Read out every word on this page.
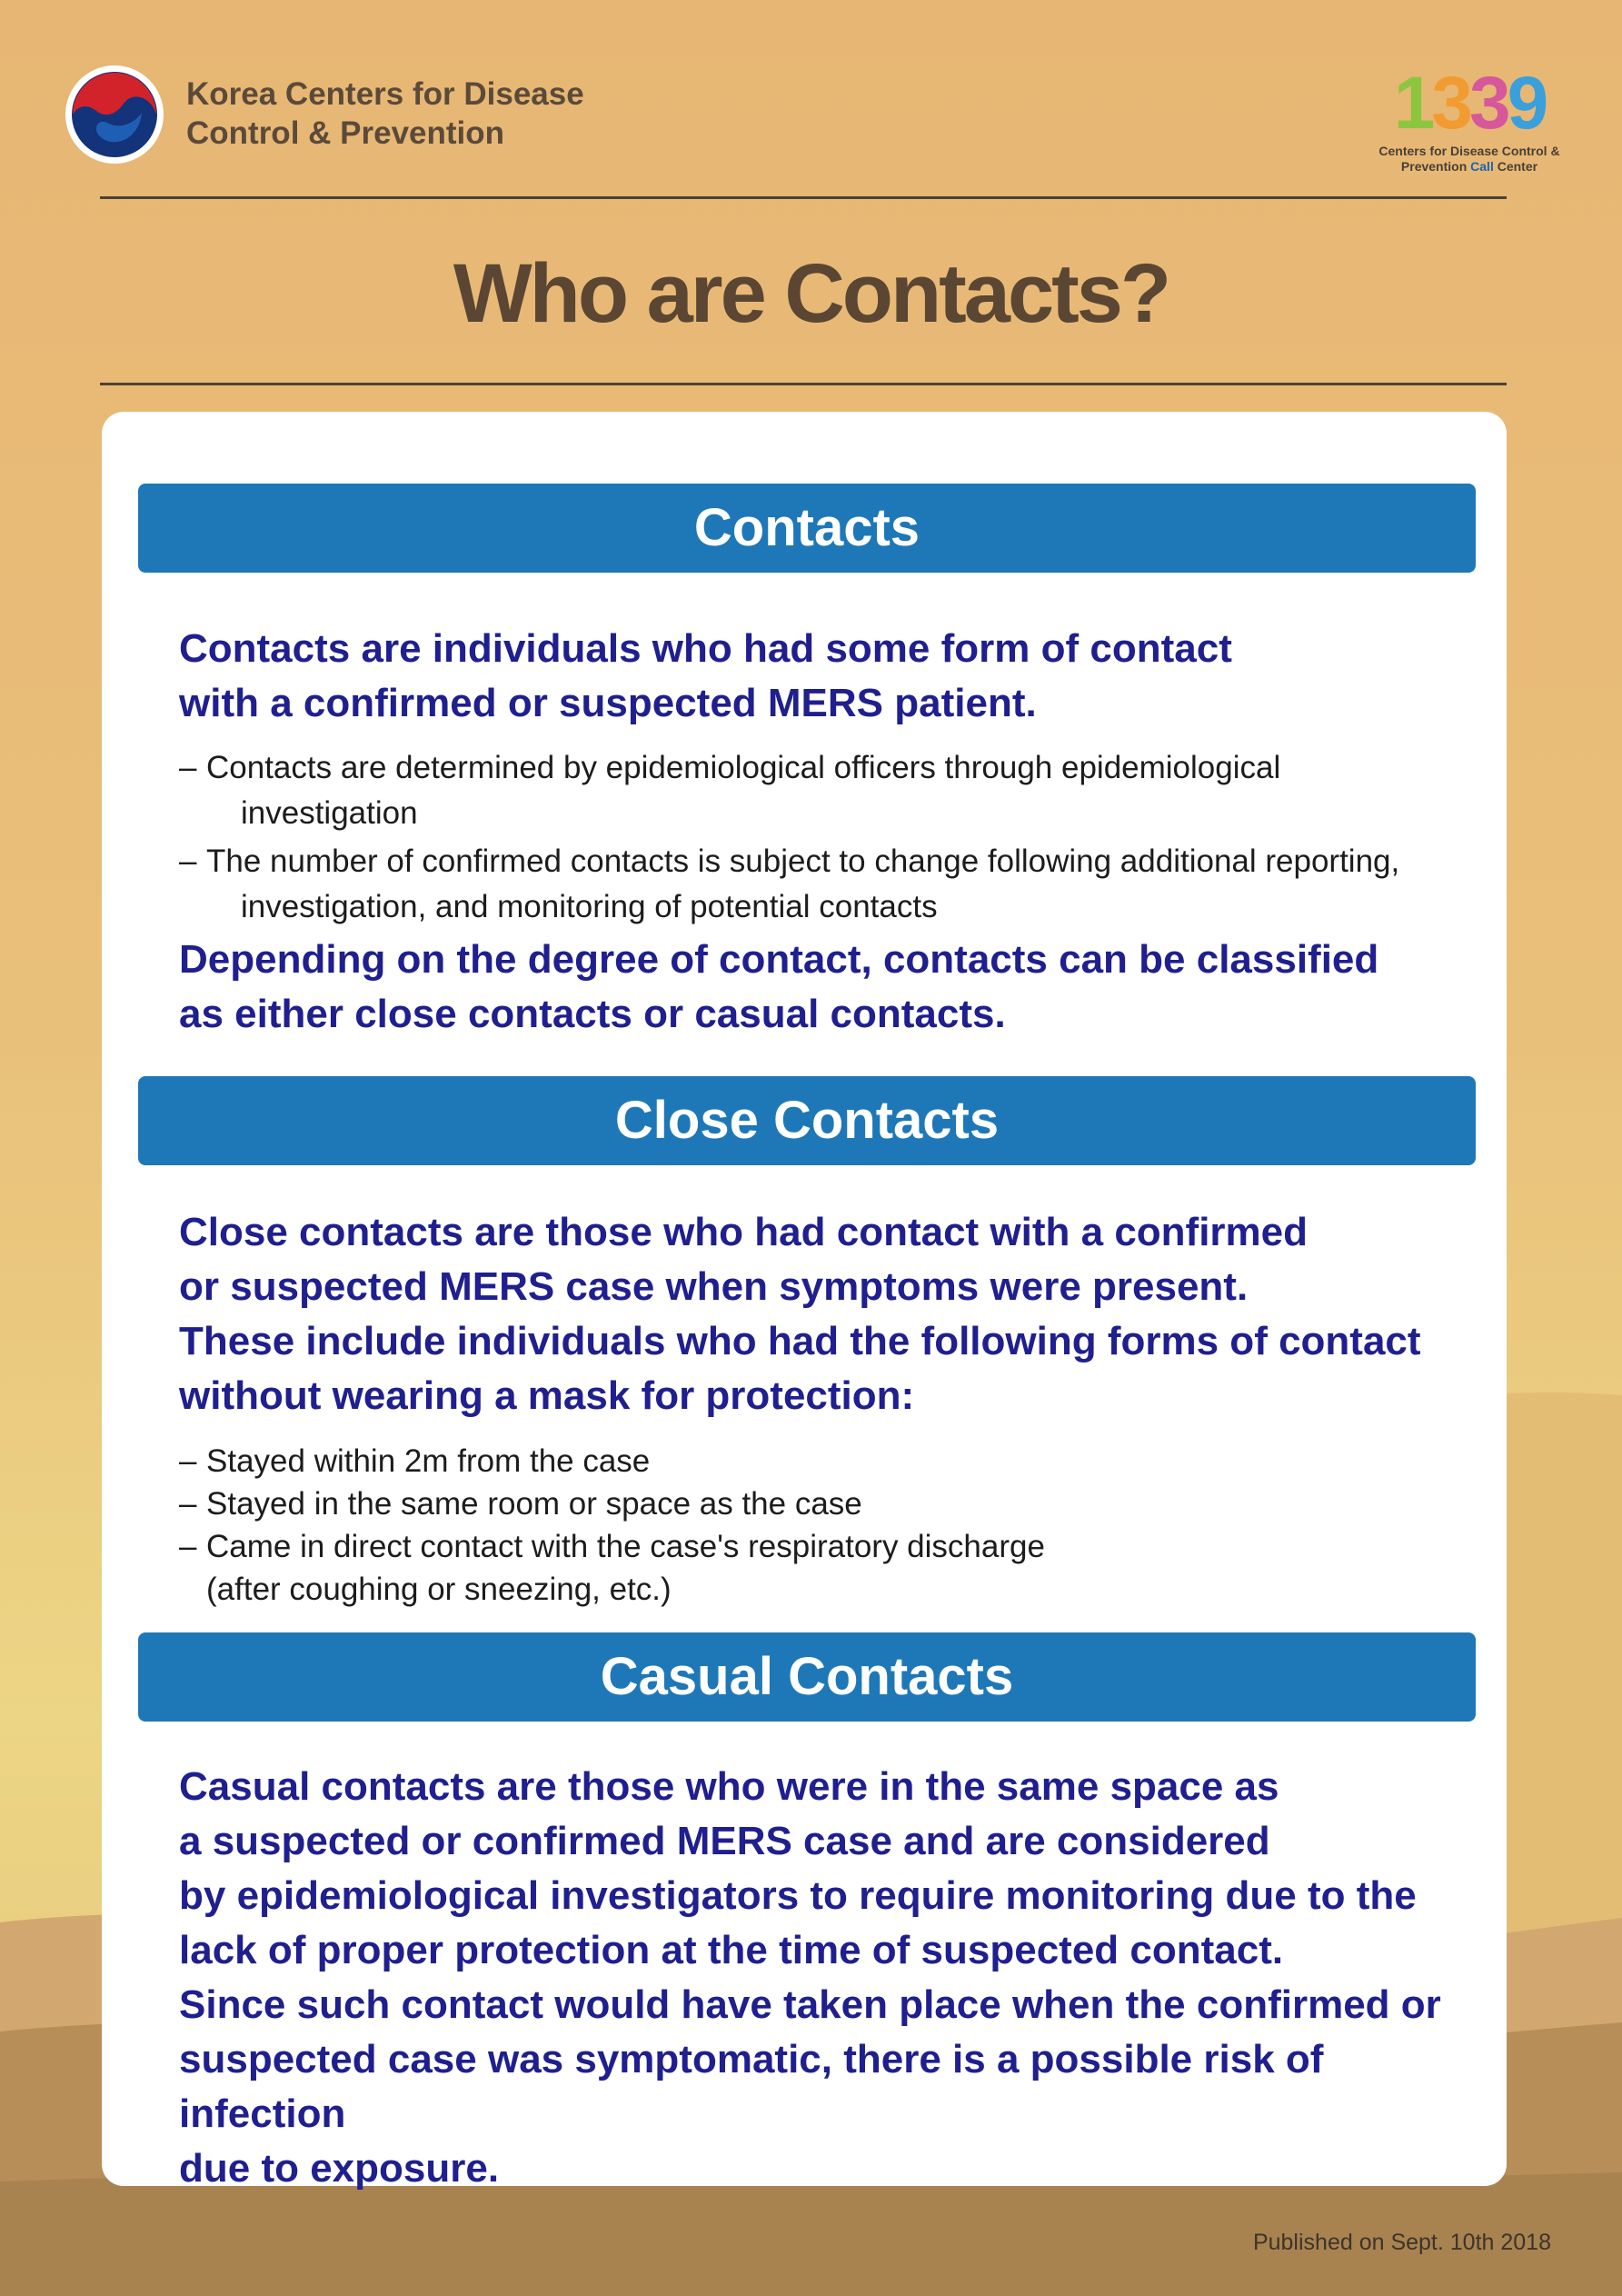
Korea Centers for Disease
Control & Prevention	1339
Centers for Disease Control &
Prevention Call Center
Who are Contacts?
Contacts

Contacts are individuals who had some form of contact
with a confirmed or suspected MERS patient.

– Contacts are determined by epidemiological officers through epidemiological
investigation
– The number of confirmed contacts is subject to change following additional reporting,
investigation, and monitoring of potential contacts

Depending on the degree of contact, contacts can be classified
as either close contacts or casual contacts.

Close Contacts

Close contacts are those who had contact with a confirmed
or suspected MERS case when symptoms were present.
These include individuals who had the following forms of contact
without wearing a mask for protection:

– Stayed within 2m from the case
– Stayed in the same room or space as the case
– Came in direct contact with the case's respiratory discharge
(after coughing or sneezing, etc.)
Casual Contacts

Casual contacts are those who were in the same space as
a suspected or confirmed MERS case and are considered
by epidemiological investigators to require monitoring due to the
lack of proper protection at the time of suspected contact.
Since such contact would have taken place when the confirmed or
suspected case was symptomatic, there is a possible risk of infection
due to exposure.

Published on Sept. 10th 2018
